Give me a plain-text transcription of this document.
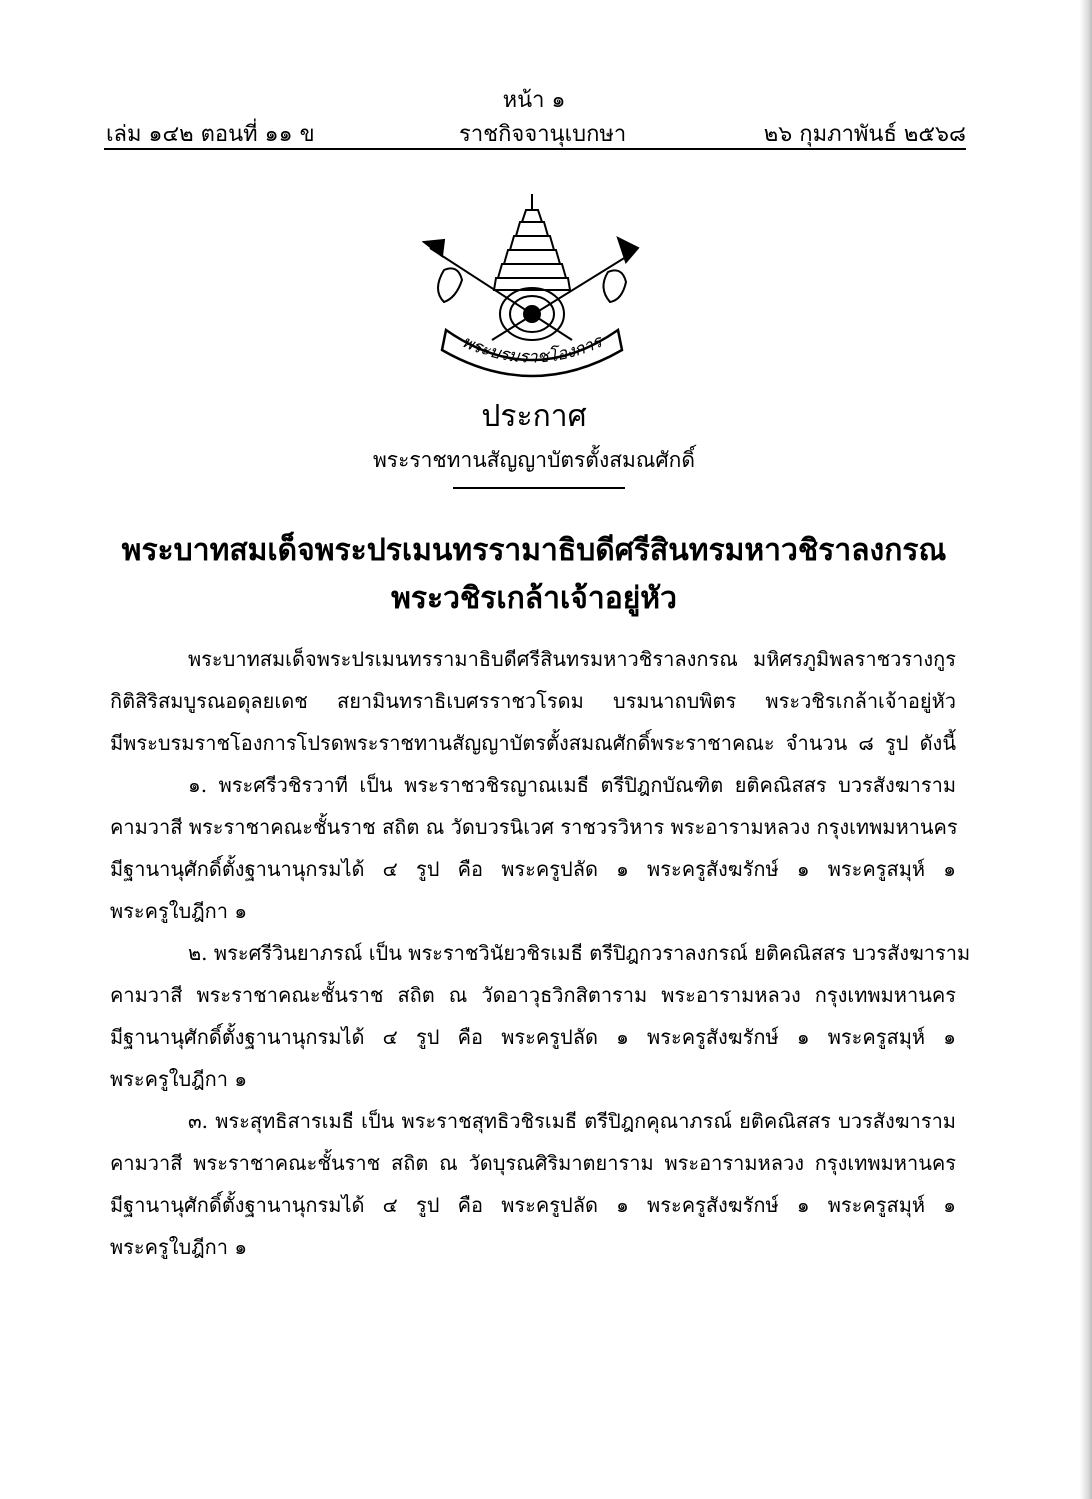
หน้า ๑
เล่ม ๑๔๒ ตอนที่ ๑๑ ข	ราชกิจจานุเบกษา	๒๖ กุมภาพันธ์ ๒๕๖๘
พระบรมราชโองการ
ประกาศ
พระราชทานสัญญาบัตรตั้งสมณศักดิ์
พระบาทสมเด็จพระปรเมนทรรามาธิบดีศรีสินทรมหาวชิราลงกรณ
พระวชิรเกล้าเจ้าอยู่หัว
พระบาทสมเด็จพระปรเมนทรรามาธิบดีศรีสินทรมหาวชิราลงกรณ มหิศรภูมิพลราชวรางกูร
กิติสิริสมบูรณอดุลยเดช สยามินทราธิเบศรราชวโรดม บรมนาถบพิตร พระวชิรเกล้าเจ้าอยู่หัว
มีพระบรมราชโองการโปรดพระราชทานสัญญาบัตรตั้งสมณศักดิ์พระราชาคณะ จำนวน ๘ รูป ดังนี้
๑. พระศรีวชิรวาที เป็น พระราชวชิรญาณเมธี ตรีปิฎกบัณฑิต ยติคณิสสร บวรสังฆาราม
คามวาสี พระราชาคณะชั้นราช สถิต ณ วัดบวรนิเวศ ราชวรวิหาร พระอารามหลวง กรุงเทพมหานคร
มีฐานานุศักดิ์ตั้งฐานานุกรมได้ ๔ รูป คือ พระครูปลัด ๑ พระครูสังฆรักษ์ ๑ พระครูสมุห์ ๑
พระครูใบฎีกา ๑
๒. พระศรีวินยาภรณ์ เป็น พระราชวินัยวชิรเมธี ตรีปิฎกวราลงกรณ์ ยติคณิสสร บวรสังฆาราม
คามวาสี พระราชาคณะชั้นราช สถิต ณ วัดอาวุธวิกสิตาราม พระอารามหลวง กรุงเทพมหานคร
มีฐานานุศักดิ์ตั้งฐานานุกรมได้ ๔ รูป คือ พระครูปลัด ๑ พระครูสังฆรักษ์ ๑ พระครูสมุห์ ๑
พระครูใบฎีกา ๑
๓. พระสุทธิสารเมธี เป็น พระราชสุทธิวชิรเมธี ตรีปิฎกคุณาภรณ์ ยติคณิสสร บวรสังฆาราม
คามวาสี พระราชาคณะชั้นราช สถิต ณ วัดบุรณศิริมาตยาราม พระอารามหลวง กรุงเทพมหานคร
มีฐานานุศักดิ์ตั้งฐานานุกรมได้ ๔ รูป คือ พระครูปลัด ๑ พระครูสังฆรักษ์ ๑ พระครูสมุห์ ๑
พระครูใบฎีกา ๑
